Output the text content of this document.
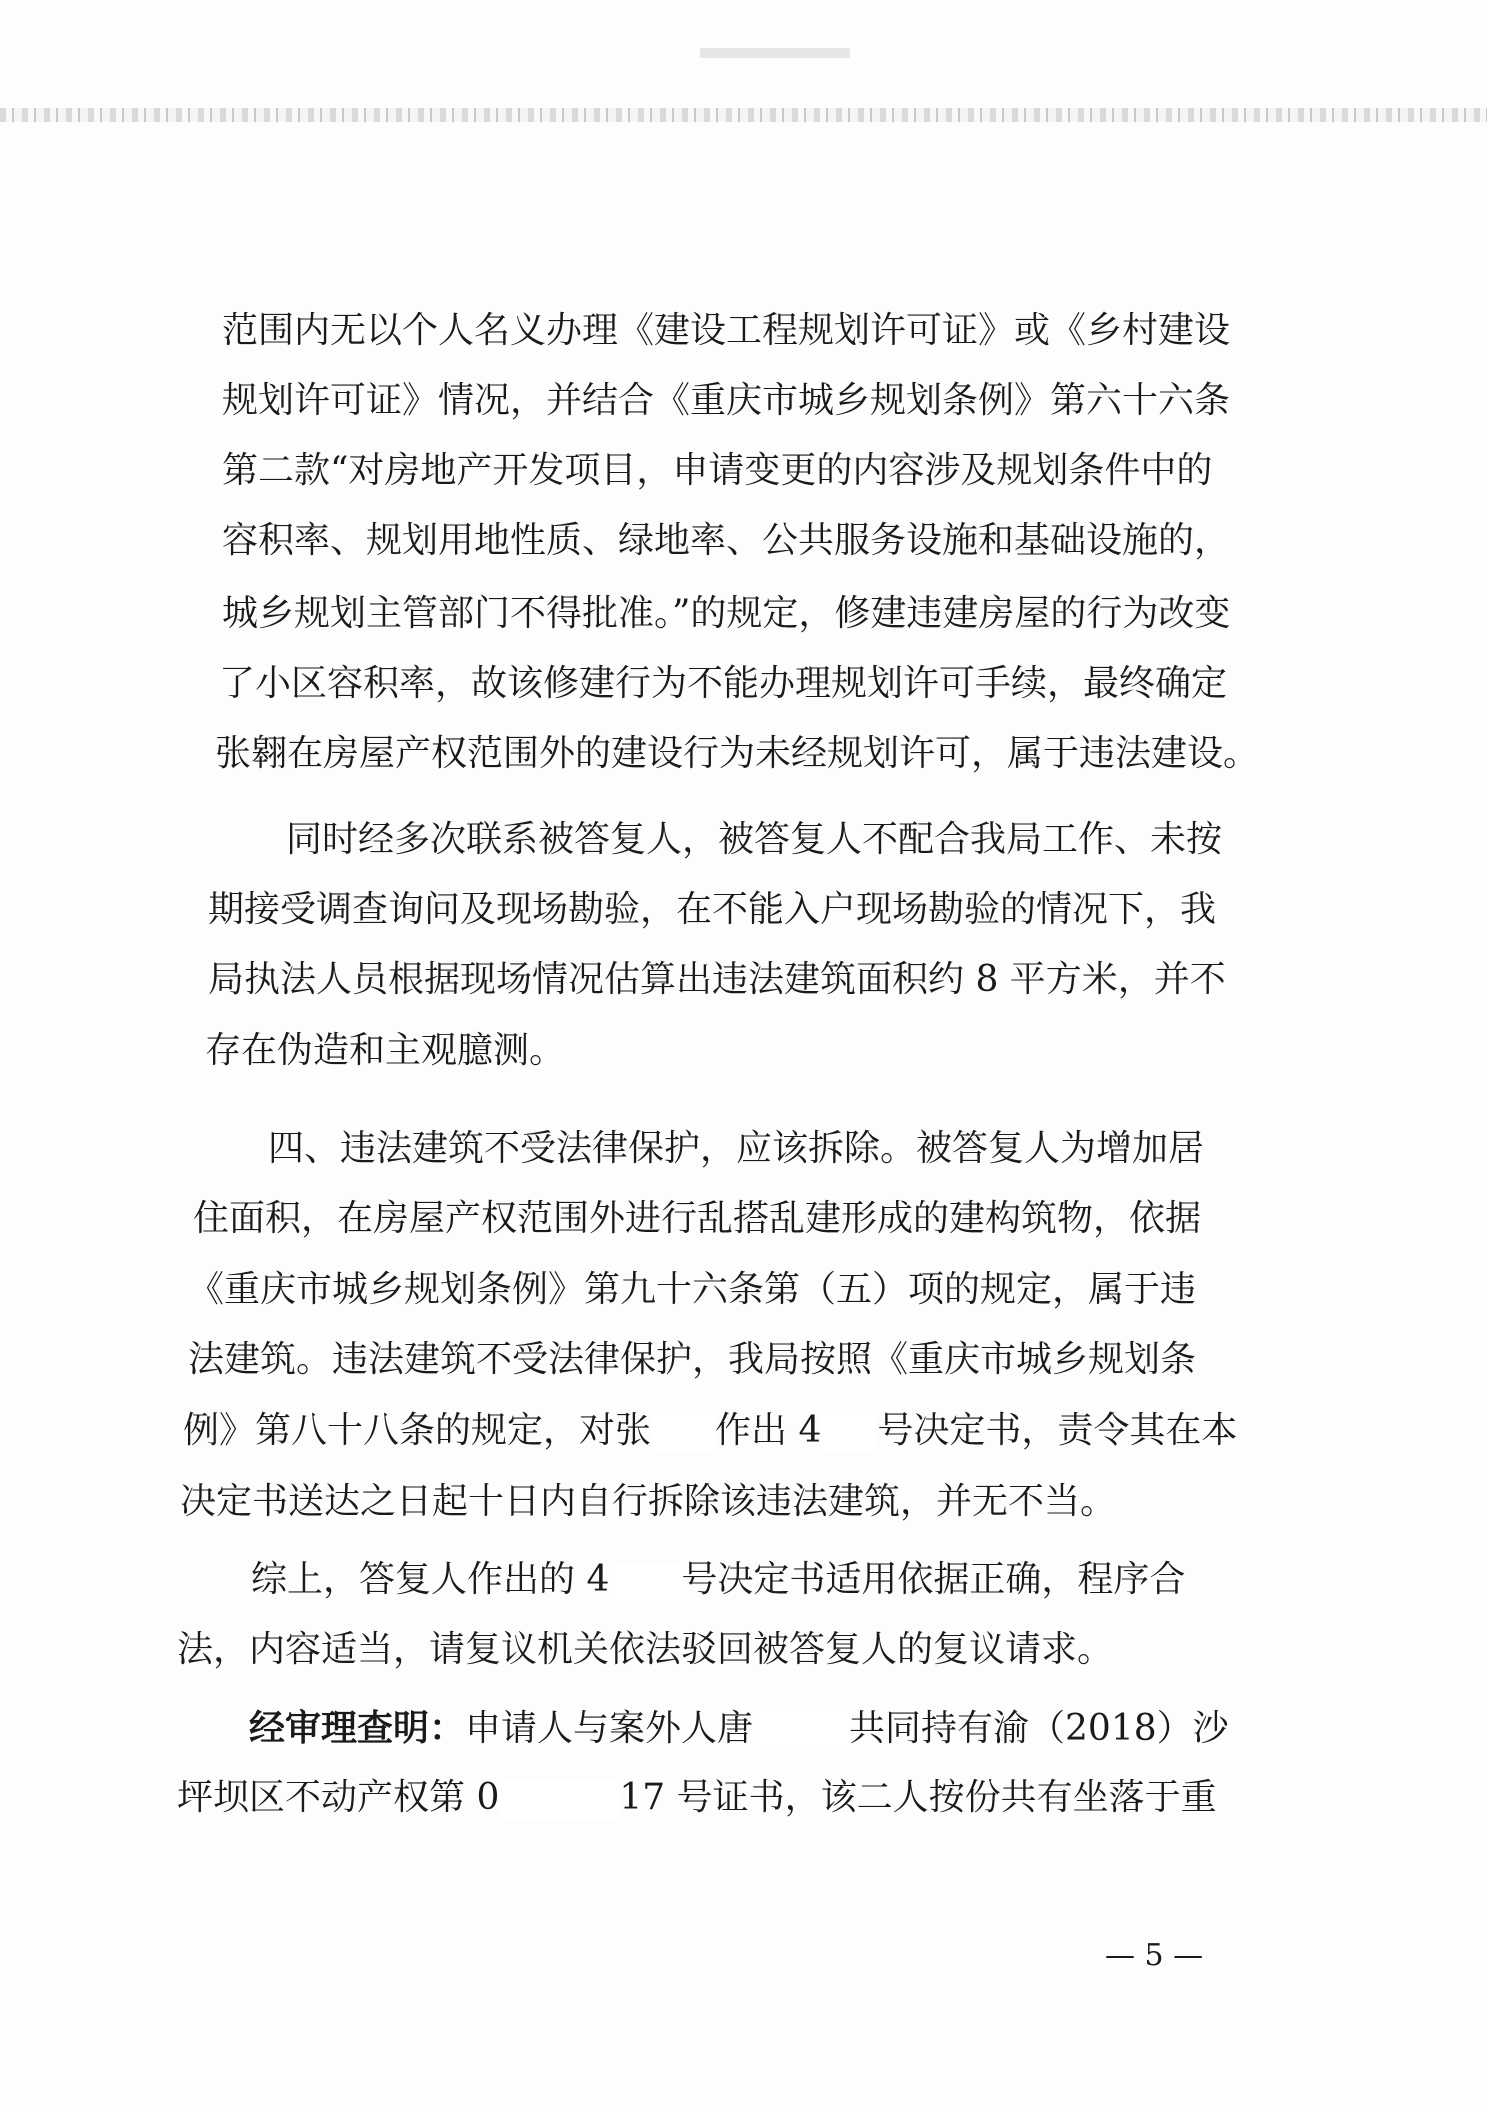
范围内无以个人名义办理《建设工程规划许可证》或《乡村建设
规划许可证》情况，并结合《重庆市城乡规划条例》第六十六条
第二款“对房地产开发项目，申请变更的内容涉及规划条件中的
容积率、规划用地性质、绿地率、公共服务设施和基础设施的，
城乡规划主管部门不得批准。”的规定，修建违建房屋的行为改变
了小区容积率，故该修建行为不能办理规划许可手续，最终确定
张翱在房屋产权范围外的建设行为未经规划许可，属于违法建设。
同时经多次联系被答复人，被答复人不配合我局工作、未按
期接受调查询问及现场勘验，在不能入户现场勘验的情况下，我
局执法人员根据现场情况估算出违法建筑面积约 8 平方米，并不
存在伪造和主观臆测。
四、违法建筑不受法律保护，应该拆除。被答复人为增加居
住面积，在房屋产权范围外进行乱搭乱建形成的建构筑物，依据
《重庆市城乡规划条例》第九十六条第（五）项的规定，属于违
法建筑。违法建筑不受法律保护，我局按照《重庆市城乡规划条
例》第八十八条的规定，对张 作出 4 号决定书，责令其在本
决定书送达之日起十日内自行拆除该违法建筑，并无不当。
综上，答复人作出的 4 号决定书适用依据正确，程序合
法，内容适当，请复议机关依法驳回被答复人的复议请求。
经审理查明：申请人与案外人唐	共同持有渝（2018）沙
坪坝区不动产权第 0	17 号证书，该二人按份共有坐落于重
— 5 —
